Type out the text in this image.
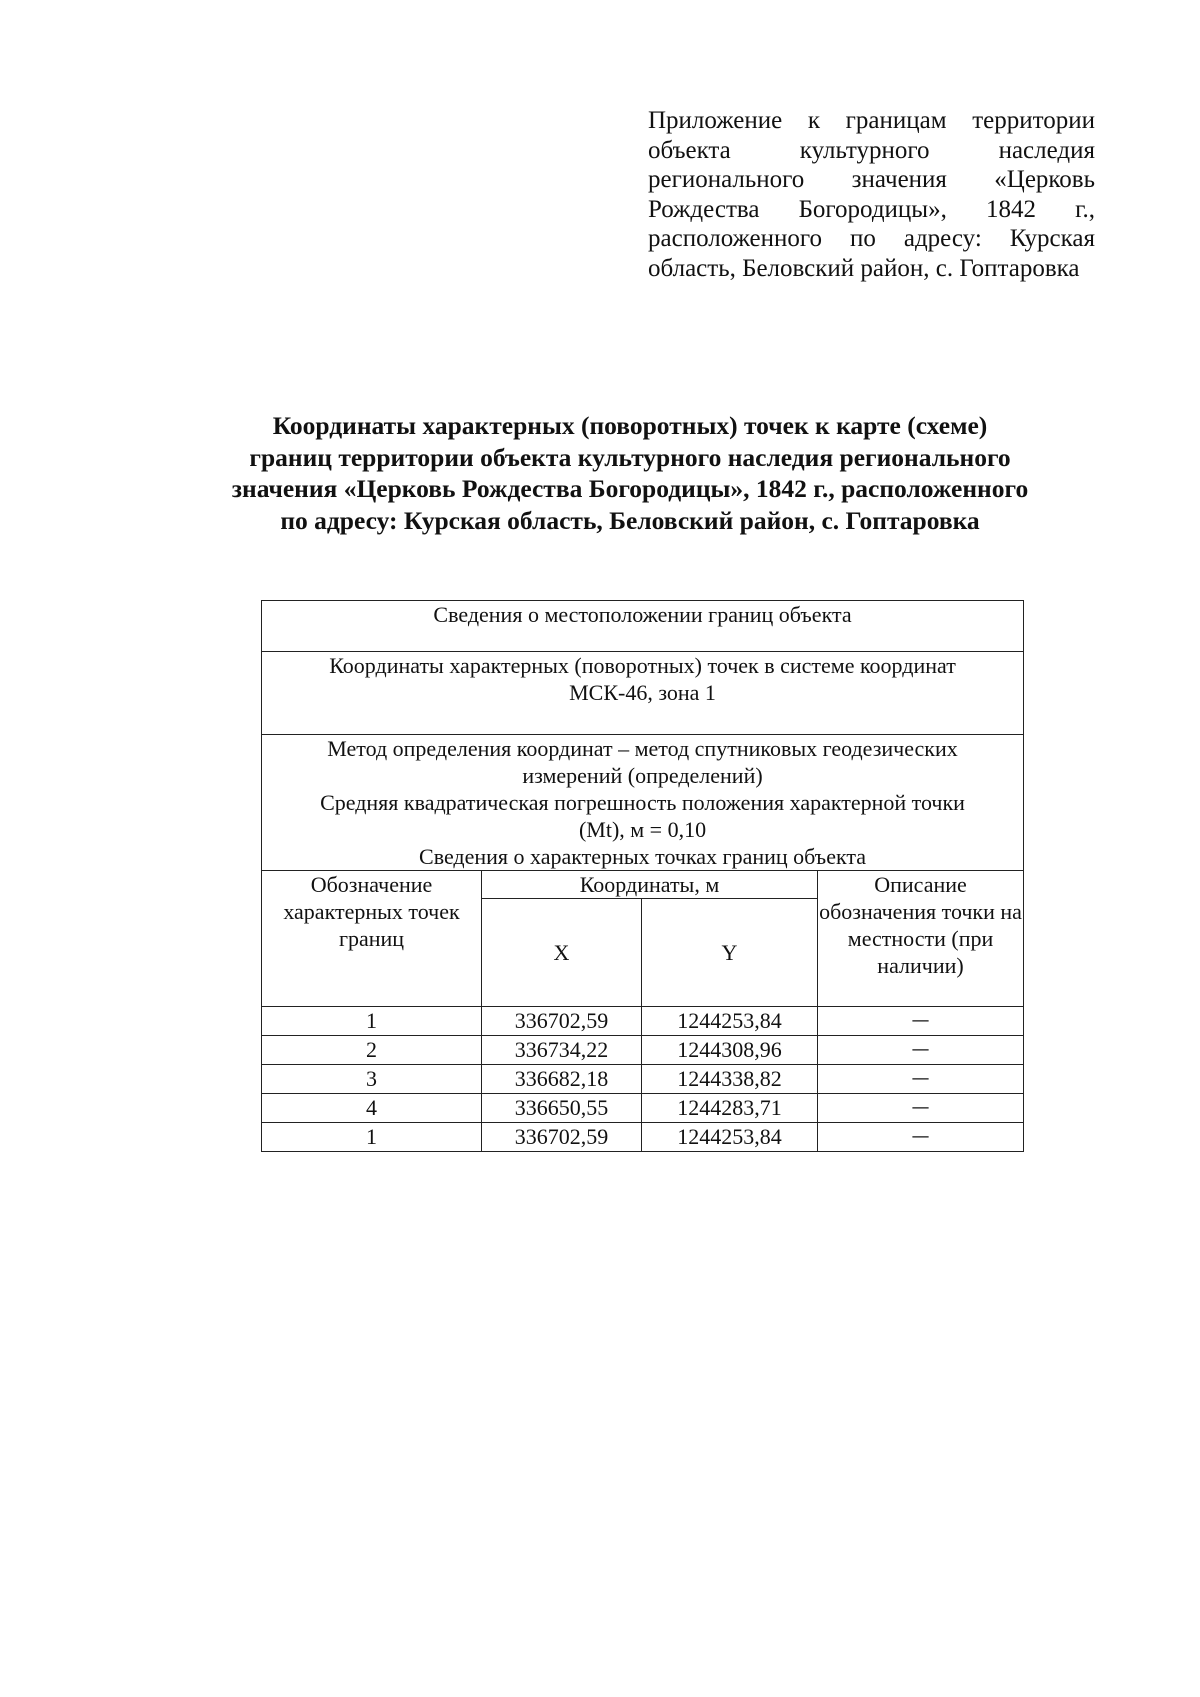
Приложение к границам территории объекта культурного наследия регионального значения «Церковь Рождества Богородицы», 1842 г., расположенного по адресу: Курская область, Беловский район, с. Гоптаровка
Координаты характерных (поворотных) точек к карте (схеме)
границ территории объекта культурного наследия регионального
значения «Церковь Рождества Богородицы», 1842 г., расположенного
по адресу: Курская область, Беловский район, с. Гоптаровка
Сведения о местоположении границ объекта			

Координаты характерных (поворотных) точек в системе координат
МСК-46, зона 1			

Метод определения координат – метод спутниковых геодезических
измерений (определений)
Средняя квадратическая погрешность положения характерной точки
(Mt), м = 0,10
Сведения о характерных точках границ объекта			

Обозначение характерных точек границ	Координаты, м		Описание обозначения точки на местности (при наличии)
	X	Y	
1	336702,59	1244253,84	—
2	336734,22	1244308,96	—
3	336682,18	1244338,82	—
4	336650,55	1244283,71	—
1	336702,59	1244253,84	—
